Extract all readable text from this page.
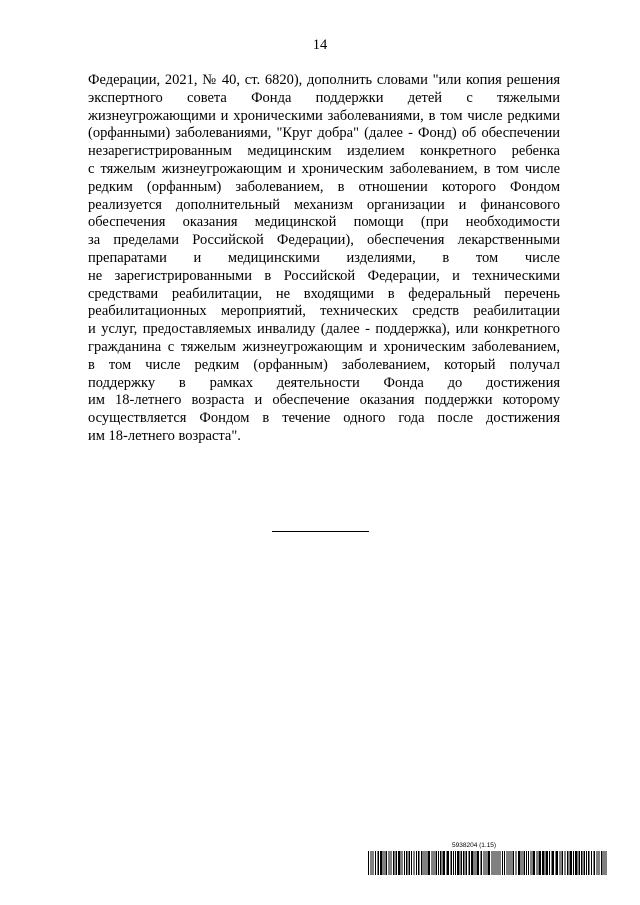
14
Федерации, 2021, № 40, ст. 6820), дополнить словами "или копия решения
экспертного совета Фонда поддержки детей с тяжелыми
жизнеугрожающими и хроническими заболеваниями, в том числе редкими
(орфанными) заболеваниями, "Круг добра" (далее - Фонд) об обеспечении
незарегистрированным медицинским изделием конкретного ребенка
с тяжелым жизнеугрожающим и хроническим заболеванием, в том числе
редким (орфанным) заболеванием, в отношении которого Фондом
реализуется дополнительный механизм организации и финансового
обеспечения оказания медицинской помощи (при необходимости
за пределами Российской Федерации), обеспечения лекарственными
препаратами и медицинскими изделиями, в том числе
не зарегистрированными в Российской Федерации, и техническими
средствами реабилитации, не входящими в федеральный перечень
реабилитационных мероприятий, технических средств реабилитации
и услуг, предоставляемых инвалиду (далее - поддержка), или конкретного
гражданина с тяжелым жизнеугрожающим и хроническим заболеванием,
в том числе редким (орфанным) заболеванием, который получал
поддержку в рамках деятельности Фонда до достижения
им 18-летнего возраста и обеспечение оказания поддержки которому
осуществляется Фондом в течение одного года после достижения
им 18-летнего возраста".
5938204 (1.15)
